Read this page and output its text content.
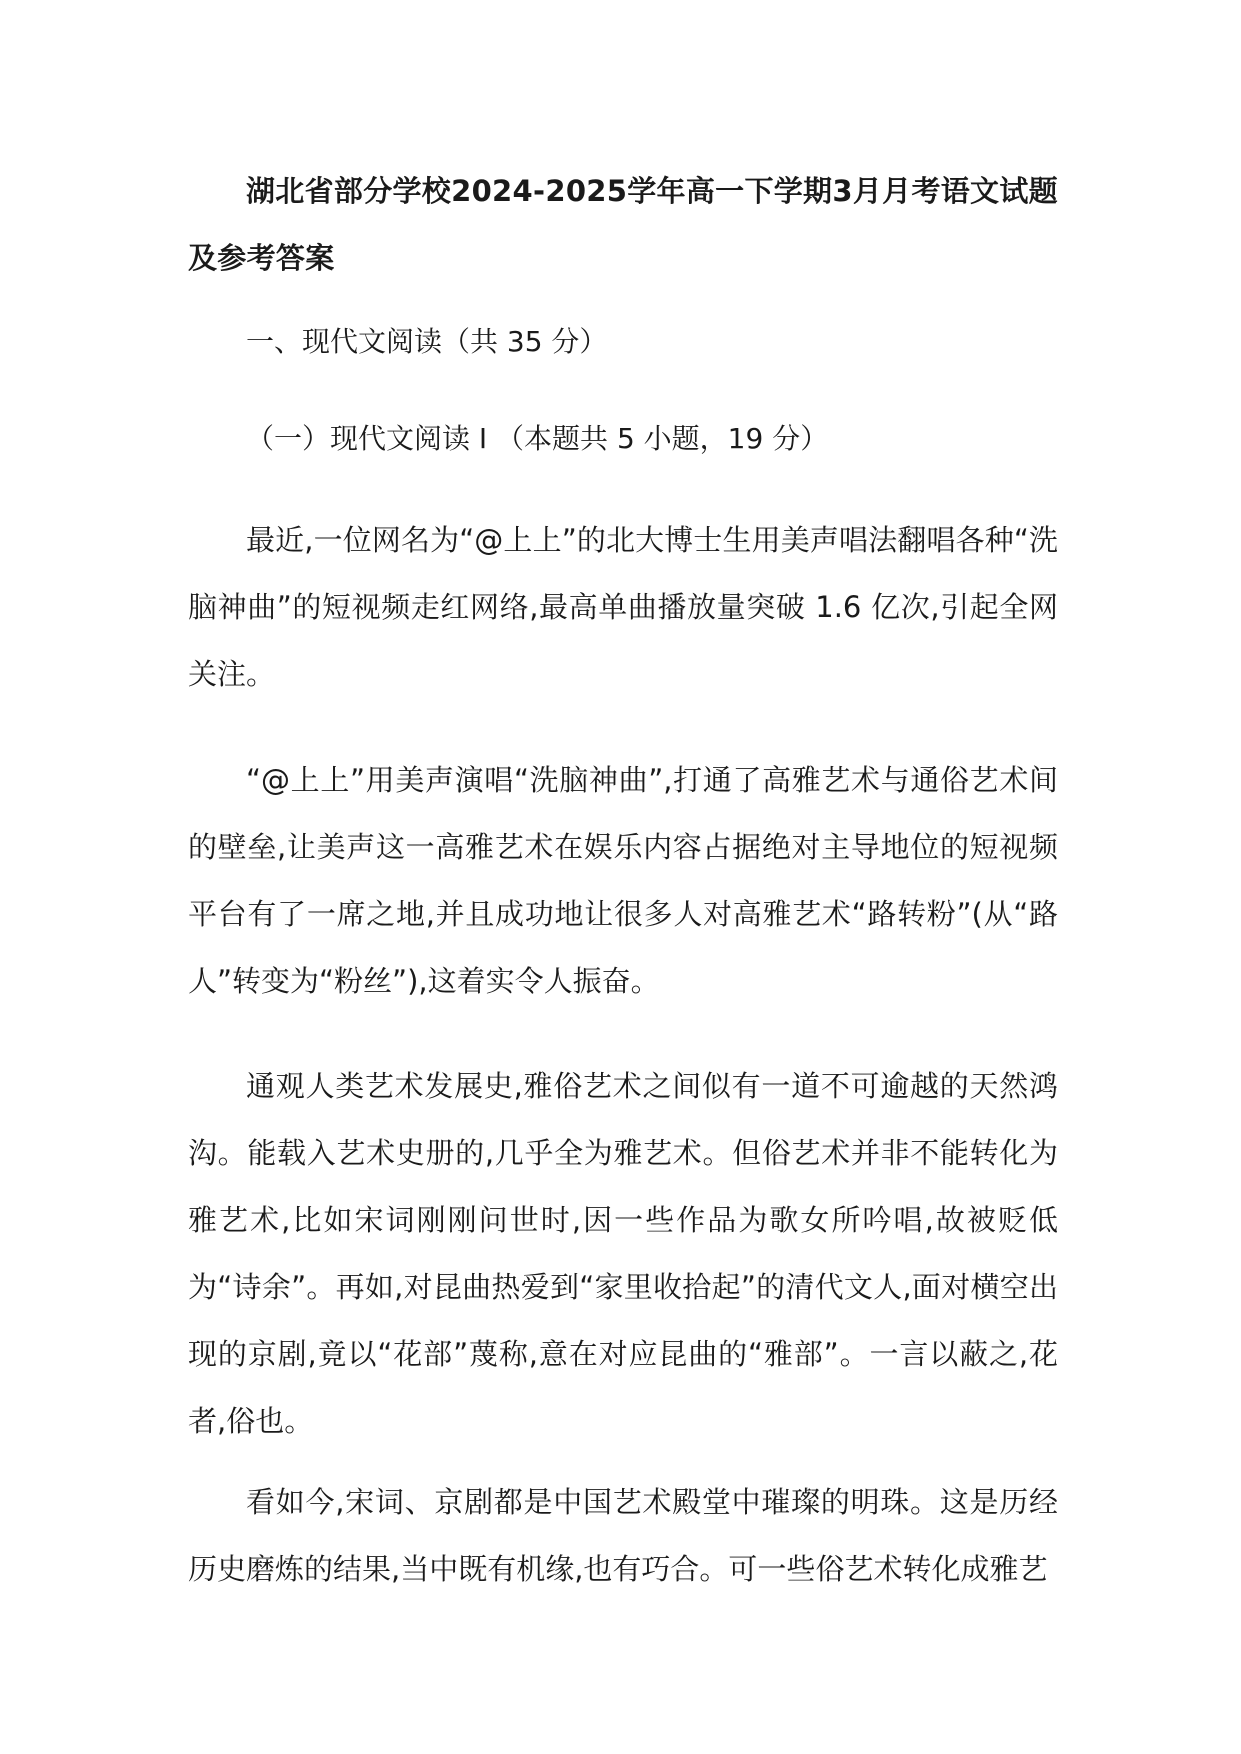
湖北省部分学校2024-2025学年高一下学期3月月考语文试题及参考答案
一、现代文阅读（共 35 分）
（一）现代文阅读 I （本题共 5 小题，19 分）
最近,一位网名为“@上上”的北大博士生用美声唱法翻唱各种“洗脑神曲”的短视频走红网络,最高单曲播放量突破 1.6 亿次,引起全网关注。
“@上上”用美声演唱“洗脑神曲”,打通了高雅艺术与通俗艺术间的壁垒,让美声这一高雅艺术在娱乐内容占据绝对主导地位的短视频平台有了一席之地,并且成功地让很多人对高雅艺术“路转粉”(从“路人”转变为“粉丝”),这着实令人振奋。
通观人类艺术发展史,雅俗艺术之间似有一道不可逾越的天然鸿沟。能载入艺术史册的,几乎全为雅艺术。但俗艺术并非不能转化为雅艺术,比如宋词刚刚问世时,因一些作品为歌女所吟唱,故被贬低为“诗余”。再如,对昆曲热爱到“家里收拾起”的清代文人,面对横空出现的京剧,竟以“花部”蔑称,意在对应昆曲的“雅部”。一言以蔽之,花者,俗也。
看如今,宋词、京剧都是中国艺术殿堂中璀璨的明珠。这是历经历史磨炼的结果,当中既有机缘,也有巧合。可一些俗艺术转化成雅艺
